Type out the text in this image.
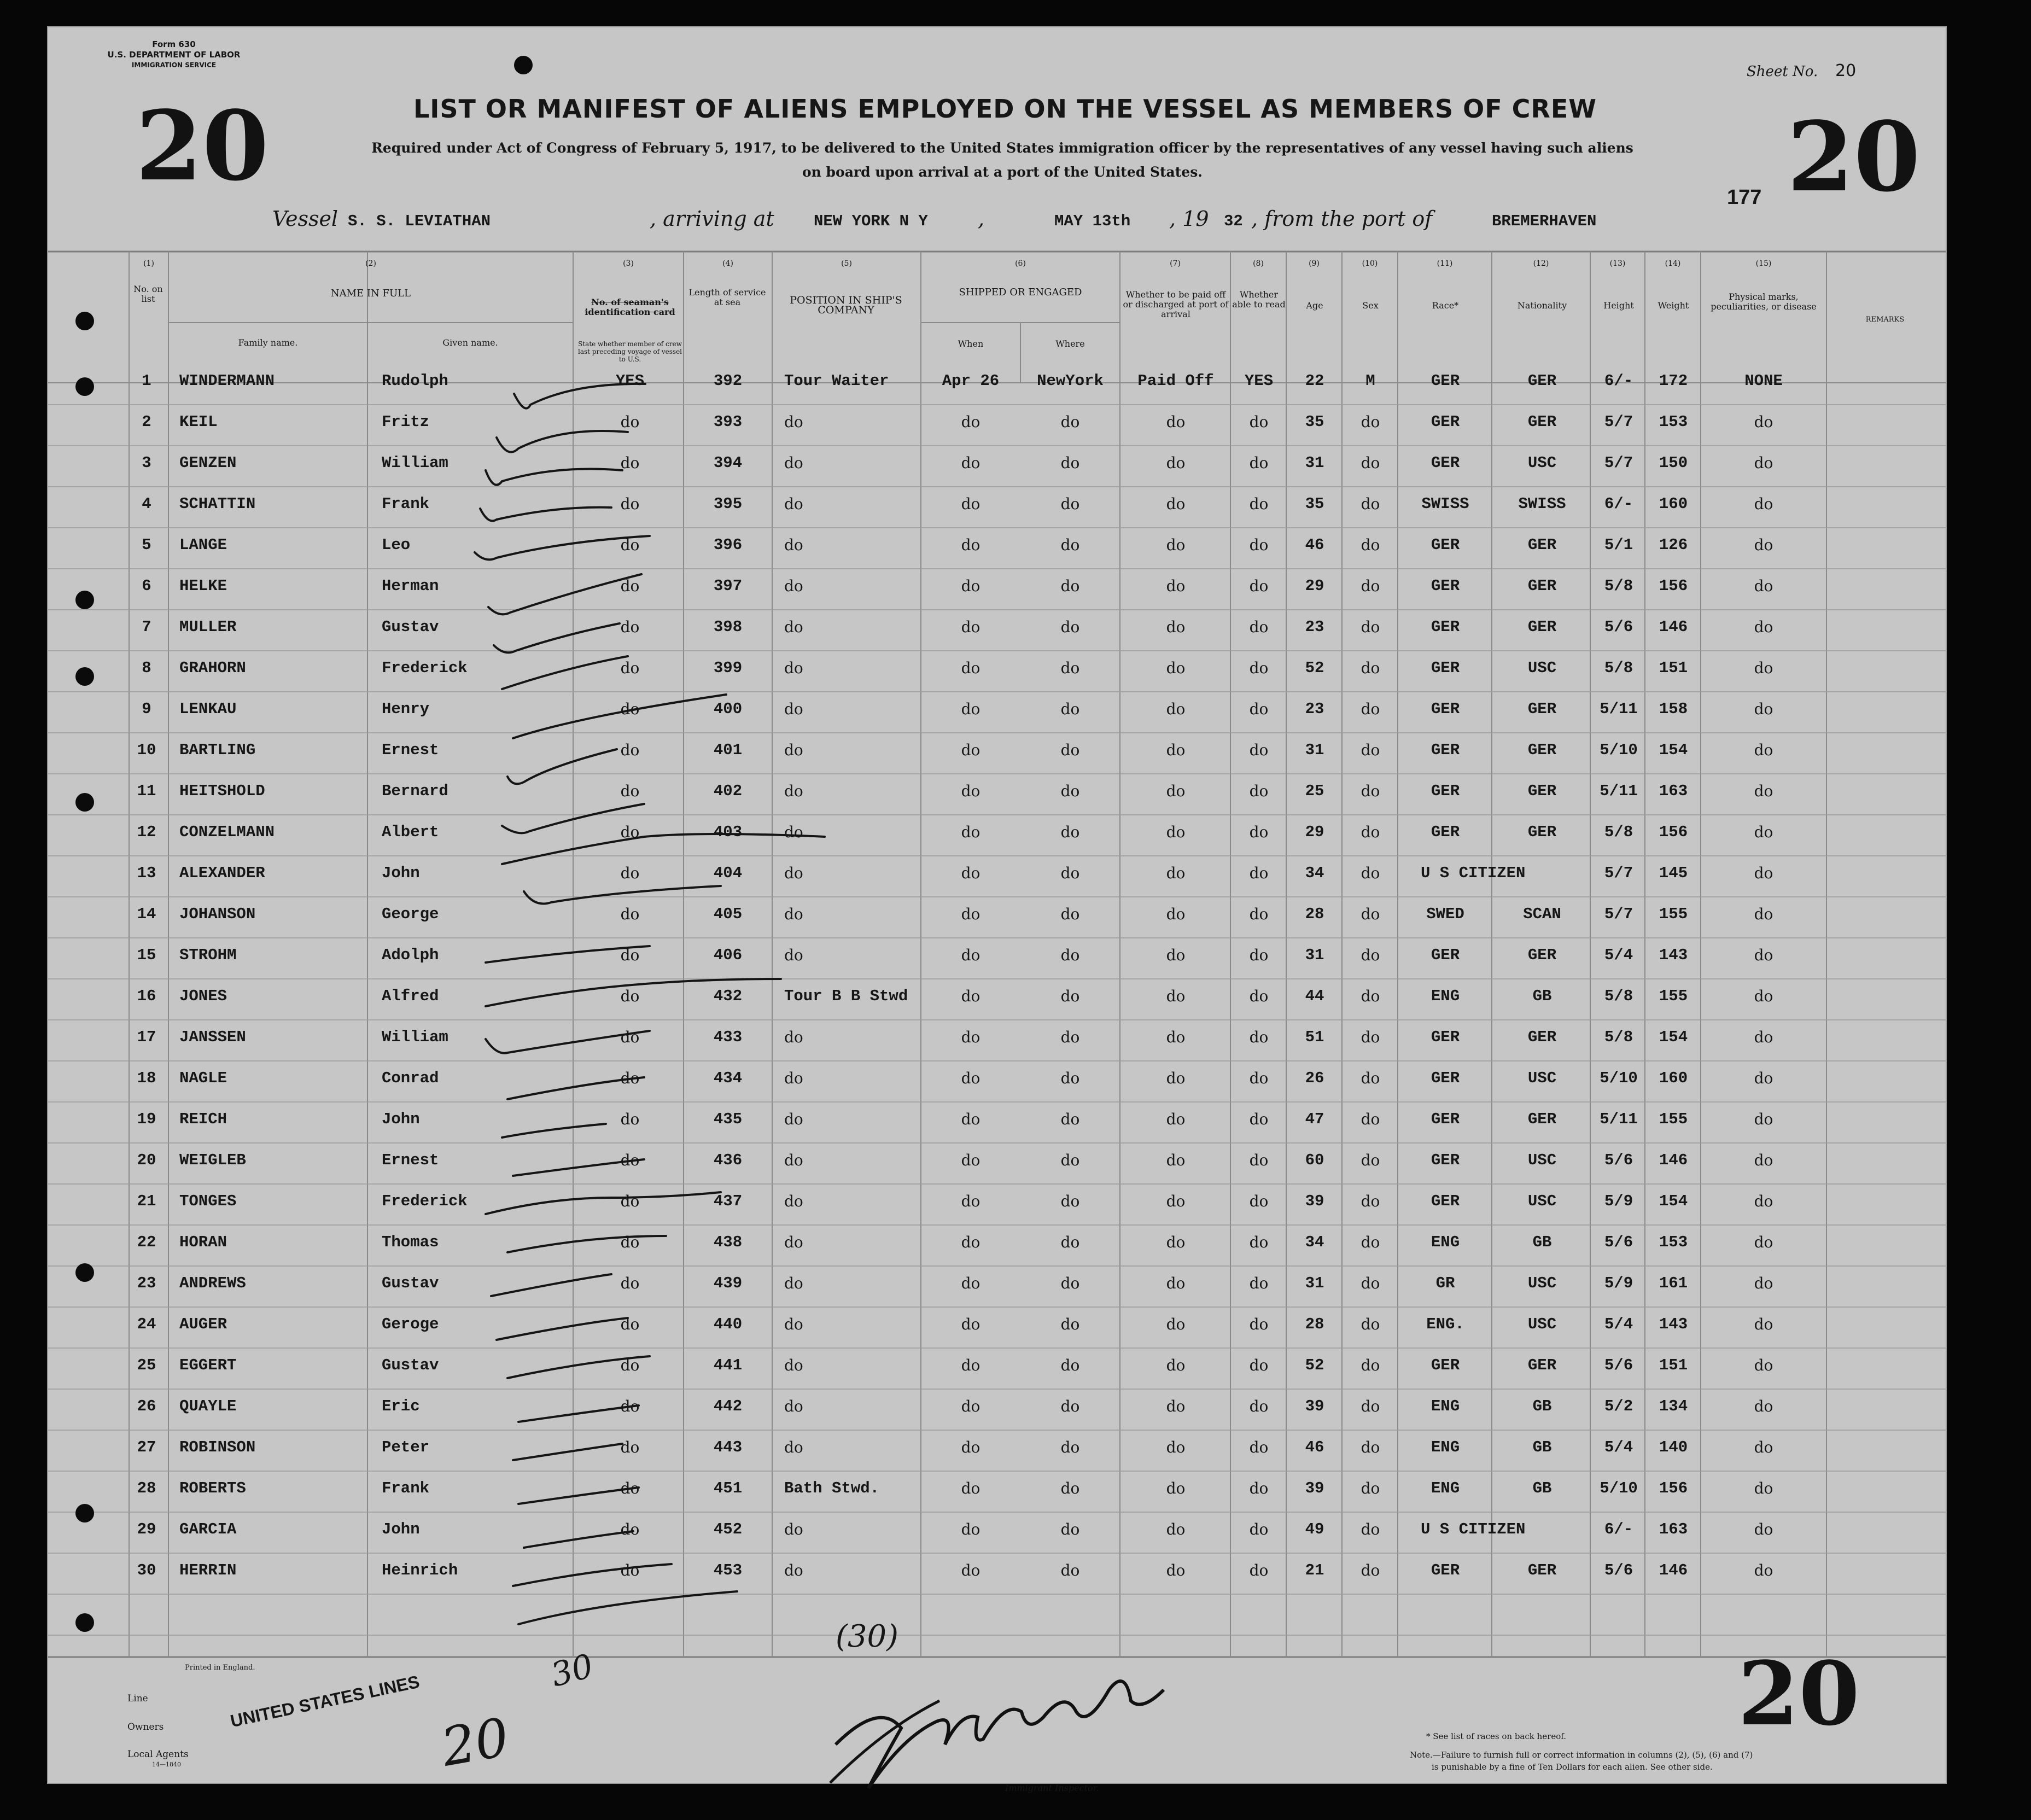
Form 630
U.S. DEPARTMENT OF LABOR
IMMIGRATION SERVICE
20	20
177
Sheet No. 20
LIST OR MANIFEST OF ALIENS EMPLOYED ON THE VESSEL AS MEMBERS OF CREW
Required under Act of Congress of February 5, 1917, to be delivered to the United States immigration officer by the representatives of any vessel having such aliens
on board upon arrival at a port of the United States.
Vessel S. S. LEVIATHAN	, arriving at NEW YORK N Y ,	MAY 13th , 19 32 , from the port of	BREMERHAVEN
(1)	(2)	(3)	(4)	(5)	(6)	(7)	(8)	(9)	(10)	(11)	(12)	(13)	(14)	(15)
No. on list	NAME IN FULL
Family name.	Given name.
No. of seaman's identification card
State whether member of crew last preceding voyage of vessel to U.S.
Length of service at sea	POSITION IN SHIP'S COMPANY
SHIPPED OR ENGAGED
When	Where
Whether to be paid off or discharged at port of arrival
Whether able to read	Age	Sex	Race*	Nationality	Height	Weight
Physical marks, peculiarities, or disease
REMARKS
1	WINDERMANN	Rudolph	YES	392	Tour Waiter	Apr 26	NewYork	Paid Off	YES	22	M	GER	GER	6/-	172	NONE
2	KEIL	Fritz	do	393	do	do	do	do	do	35	do	GER	GER	5/7	153	do
3	GENZEN	William	do	394	do	do	do	do	do	31	do	GER	USC	5/7	150	do
4	SCHATTIN	Frank	do	395	do	do	do	do	do	35	do	SWISS	SWISS	6/-	160	do
5	LANGE	Leo	do	396	do	do	do	do	do	46	do	GER	GER	5/1	126	do
6	HELKE	Herman	do	397	do	do	do	do	do	29	do	GER	GER	5/8	156	do
7	MULLER	Gustav	do	398	do	do	do	do	do	23	do	GER	GER	5/6	146	do
8	GRAHORN	Frederick	do	399	do	do	do	do	do	52	do	GER	USC	5/8	151	do
9	LENKAU	Henry	do	400	do	do	do	do	do	23	do	GER	GER	5/11	158	do
10	BARTLING	Ernest	do	401	do	do	do	do	do	31	do	GER	GER	5/10	154	do
11	HEITSHOLD	Bernard	do	402	do	do	do	do	do	25	do	GER	GER	5/11	163	do
12	CONZELMANN	Albert	do	403	do	do	do	do	do	29	do	GER	GER	5/8	156	do
13	ALEXANDER	John	do	404	do	do	do	do	do	34	do	U S CITIZEN	5/7	145	do
14	JOHANSON	George	do	405	do	do	do	do	do	28	do	SWED	SCAN	5/7	155	do
15	STROHM	Adolph	do	406	do	do	do	do	do	31	do	GER	GER	5/4	143	do
16	JONES	Alfred	do	432	Tour B B Stwd	do	do	do	do	44	do	ENG	GB	5/8	155	do
17	JANSSEN	William	do	433	do	do	do	do	do	51	do	GER	GER	5/8	154	do
18	NAGLE	Conrad	do	434	do	do	do	do	do	26	do	GER	USC	5/10	160	do
19	REICH	John	do	435	do	do	do	do	do	47	do	GER	GER	5/11	155	do
20	WEIGLEB	Ernest	do	436	do	do	do	do	do	60	do	GER	USC	5/6	146	do
21	TONGES	Frederick	do	437	do	do	do	do	do	39	do	GER	USC	5/9	154	do
22	HORAN	Thomas	do	438	do	do	do	do	do	34	do	ENG	GB	5/6	153	do
23	ANDREWS	Gustav	do	439	do	do	do	do	do	31	do	GR	USC	5/9	161	do
24	AUGER	Geroge	do	440	do	do	do	do	do	28	do	ENG.	USC	5/4	143	do
25	EGGERT	Gustav	do	441	do	do	do	do	do	52	do	GER	GER	5/6	151	do
26	QUAYLE	Eric	do	442	do	do	do	do	do	39	do	ENG	GB	5/2	134	do
27	ROBINSON	Peter	do	443	do	do	do	do	do	46	do	ENG	GB	5/4	140	do
28	ROBERTS	Frank	do	451	Bath Stwd.	do	do	do	do	39	do	ENG	GB	5/10	156	do
29	GARCIA	John	do	452	do	do	do	do	do	49	do	U S CITIZEN	6/-	163	do
30	HERRIN	Heinrich	do	453	do	do	do	do	do	21	do	GER	GER	5/6	146	do
Printed in England.
Line
Owners
Local Agents
14—1840
UNITED STATES LINES
30
20
(30)
Immigrant Inspector.
* See list of races on back hereof.
Note.—Failure to furnish full or correct information in columns (2), (5), (6) and (7)
is punishable by a fine of Ten Dollars for each alien. See other side.
20
